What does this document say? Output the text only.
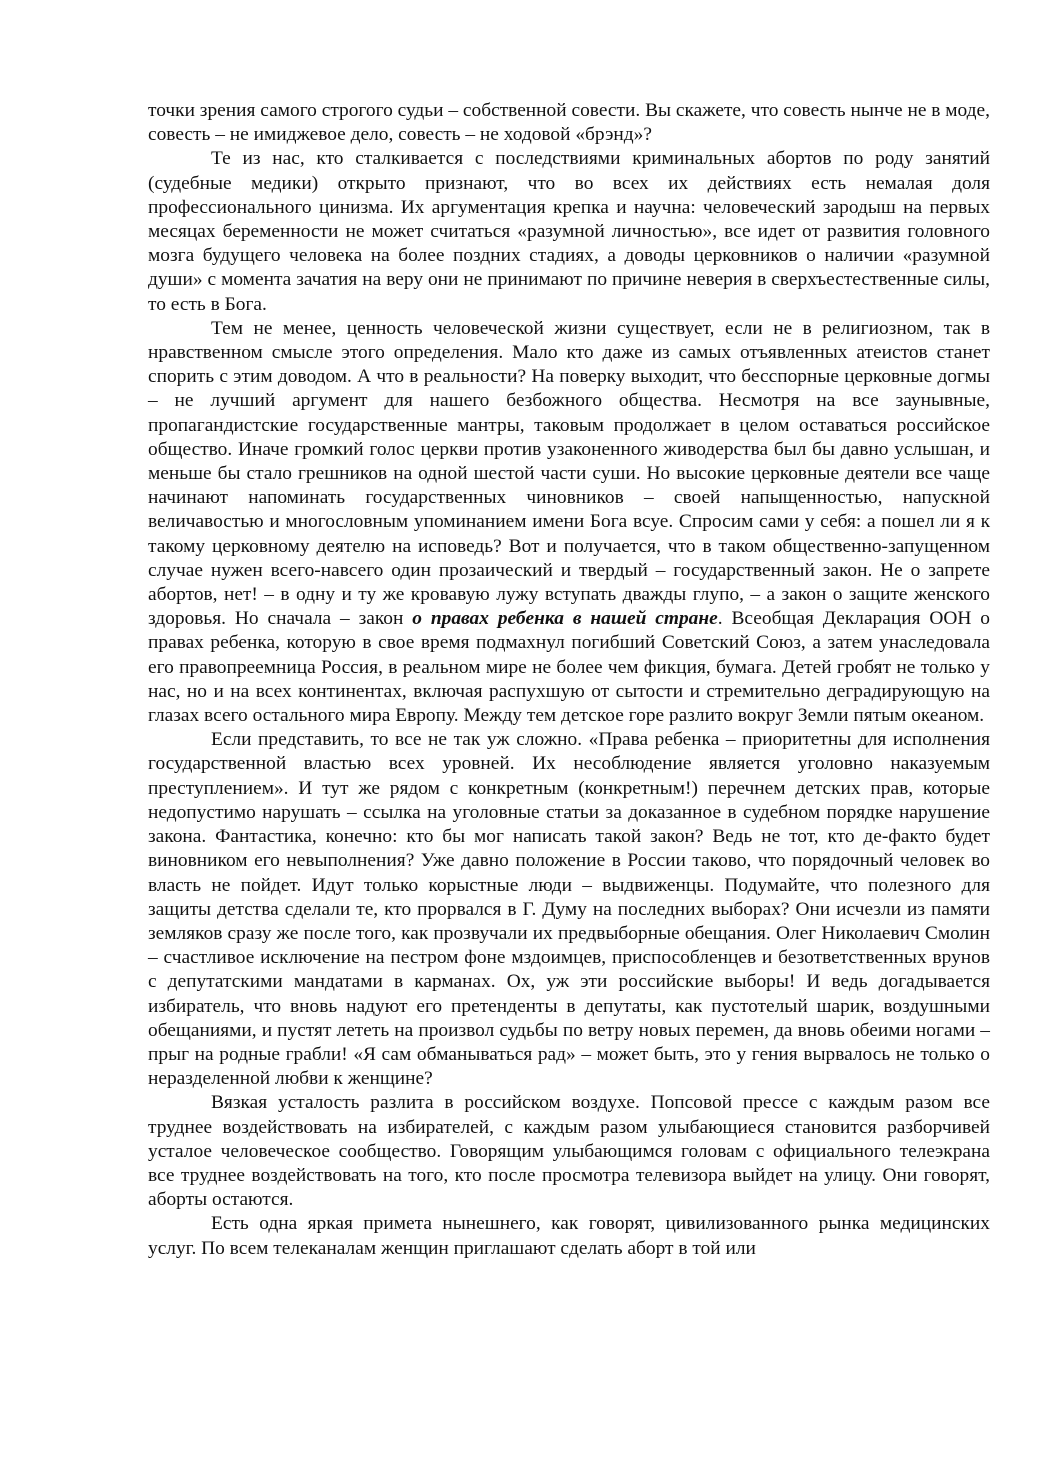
точки зрения самого строгого судьи – собственной совести. Вы скажете, что совесть нынче не в моде, совесть – не имиджевое дело, совесть – не ходовой «брэнд»?

Те из нас, кто сталкивается с последствиями криминальных абортов по роду занятий (судебные медики) открыто признают, что во всех их действиях есть немалая доля профессионального цинизма. Их аргументация крепка и научна: человеческий зародыш на первых месяцах беременности не может считаться «разумной личностью», все идет от развития головного мозга будущего человека на более поздних стадиях, а доводы церковников о наличии «разумной души» с момента зачатия на веру они не принимают по причине неверия в сверхъестественные силы, то есть в Бога.

Тем не менее, ценность человеческой жизни существует, если не в религиозном, так в нравственном смысле этого определения. Мало кто даже из самых отъявленных атеистов станет спорить с этим доводом. А что в реальности? На поверку выходит, что бесспорные церковные догмы – не лучший аргумент для нашего безбожного общества. Несмотря на все заунывные, пропагандистские государственные мантры, таковым продолжает в целом оставаться российское общество. Иначе громкий голос церкви против узаконенного живодерства был бы давно услышан, и меньше бы стало грешников на одной шестой части суши. Но высокие церковные деятели все чаще начинают напоминать государственных чиновников – своей напыщенностью, напускной величавостью и многословным упоминанием имени Бога всуе. Спросим сами у себя: а пошел ли я к такому церковному деятелю на исповедь? Вот и получается, что в таком общественно-запущенном случае нужен всего-навсего один прозаический и твердый – государственный закон. Не о запрете абортов, нет! – в одну и ту же кровавую лужу вступать дважды глупо, – а закон о защите женского здоровья. Но сначала – закон о правах ребенка в нашей стране. Всеобщая Декларация ООН о правах ребенка, которую в свое время подмахнул погибший Советский Союз, а затем унаследовала его правопреемница Россия, в реальном мире не более чем фикция, бумага. Детей гробят не только у нас, но и на всех континентах, включая распухшую от сытости и стремительно деградирующую на глазах всего остального мира Европу. Между тем детское горе разлито вокруг Земли пятым океаном.

Если представить, то все не так уж сложно. «Права ребенка – приоритетны для исполнения государственной властью всех уровней. Их несоблюдение является уголовно наказуемым преступлением». И тут же рядом с конкретным (конкретным!) перечнем детских прав, которые недопустимо нарушать – ссылка на уголовные статьи за доказанное в судебном порядке нарушение закона. Фантастика, конечно: кто бы мог написать такой закон? Ведь не тот, кто де-факто будет виновником его невыполнения? Уже давно положение в России таково, что порядочный человек во власть не пойдет. Идут только корыстные люди – выдвиженцы. Подумайте, что полезного для защиты детства сделали те, кто прорвался в Г. Думу на последних выборах? Они исчезли из памяти земляков сразу же после того, как прозвучали их предвыборные обещания. Олег Николаевич Смолин – счастливое исключение на пестром фоне мздоимцев, приспособленцев и безответственных врунов с депутатскими мандатами в карманах. Ох, уж эти российские выборы! И ведь догадывается избиратель, что вновь надуют его претенденты в депутаты, как пустотелый шарик, воздушными обещаниями, и пустят лететь на произвол судьбы по ветру новых перемен, да вновь обеими ногами – прыг на родные грабли! «Я сам обманываться рад» – может быть, это у гения вырвалось не только о неразделенной любви к женщине?

Вязкая усталость разлита в российском воздухе. Попсовой прессе с каждым разом все труднее воздействовать на избирателей, с каждым разом улыбающиеся становится разборчивей усталое человеческое сообщество. Говорящим улыбающимся головам с официального телеэкрана все труднее воздействовать на того, кто после просмотра телевизора выйдет на улицу. Они говорят, аборты остаются.

Есть одна яркая примета нынешнего, как говорят, цивилизованного рынка медицинских услуг. По всем телеканалам женщин приглашают сделать аборт в той или
